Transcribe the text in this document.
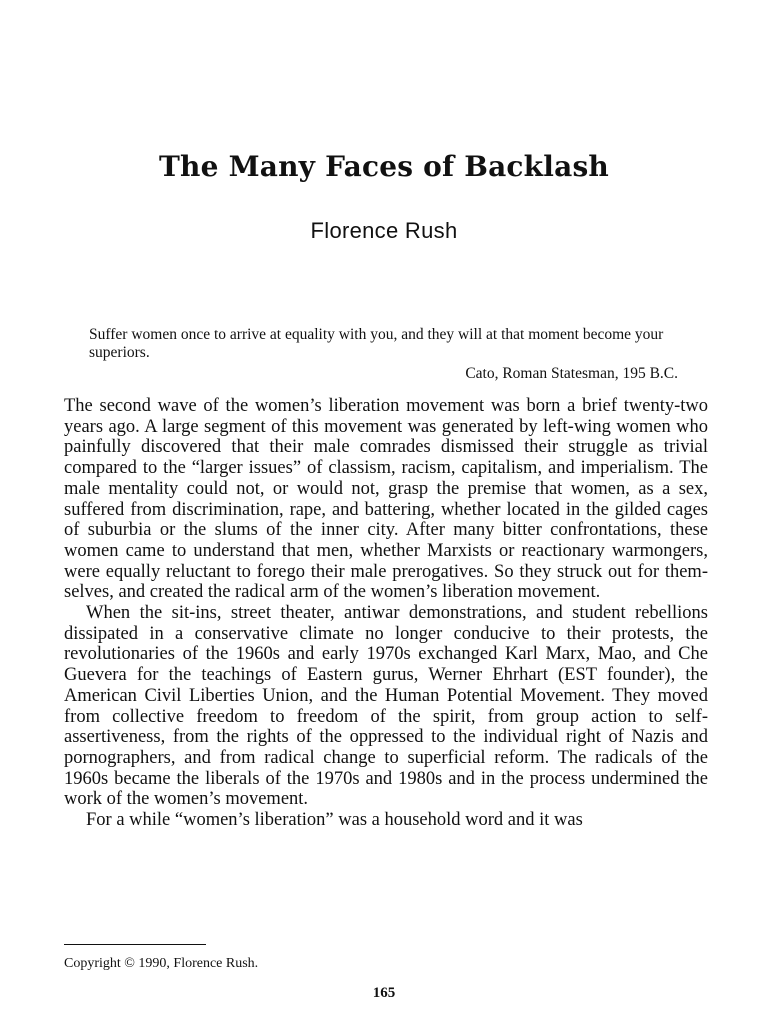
The Many Faces of Backlash

Florence Rush

Suffer women once to arrive at equality with you, and they will at that moment become your superiors.

Cato, Roman Statesman, 195 B.C.

The second wave of the women’s liberation movement was born a brief twenty-two years ago. A large segment of this movement was generated by left-wing women who painfully discovered that their male comrades dismissed their struggle as trivial compared to the “larger issues” of classism, racism, capitalism, and imperialism. The male mentality could not, or would not, grasp the premise that women, as a sex, suffered from discrimination, rape, and battering, whether located in the gilded cages of suburbia or the slums of the inner city. After many bitter confrontations, these women came to understand that men, whether Marxists or reactionary warmongers, were equally reluctant to forego their male prerogatives. So they struck out for themselves, and created the radical arm of the women’s liberation movement.

When the sit-ins, street theater, antiwar demonstrations, and student rebellions dissipated in a conservative climate no longer conducive to their protests, the revolutionaries of the 1960s and early 1970s exchanged Karl Marx, Mao, and Che Guevera for the teachings of Eastern gurus, Werner Ehrhart (EST founder), the American Civil Liberties Union, and the Human Potential Movement. They moved from collective freedom to freedom of the spirit, from group action to self-assertiveness, from the rights of the oppressed to the individual right of Nazis and pornographers, and from radical change to superficial reform. The radicals of the 1960s became the liberals of the 1970s and 1980s and in the process undermined the work of the women’s movement.

For a while “women’s liberation” was a household word and it was

Copyright © 1990, Florence Rush.

165
